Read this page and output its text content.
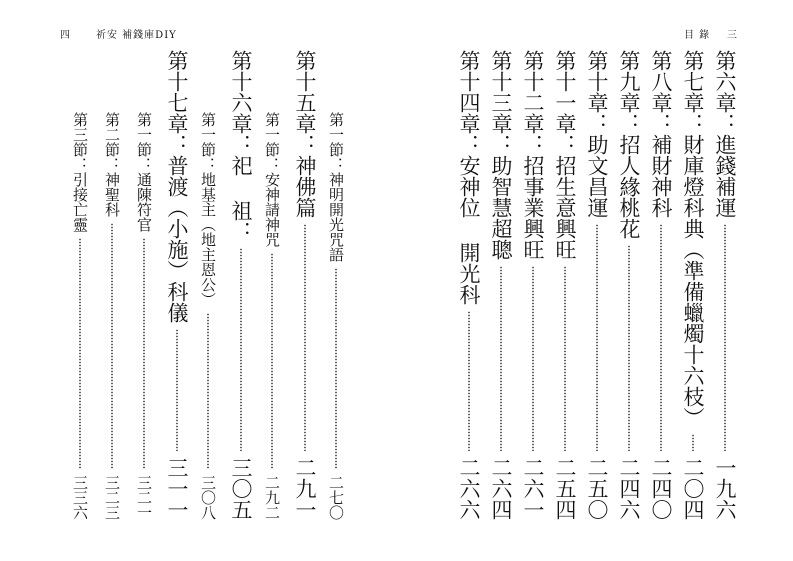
四	祈安 補錢庫DIY	目 錄 三
第六章：進錢補運
一九六
第七章：財庫燈科典（準備蠟燭十六枝）
二〇四
第八章：補財神科
二四〇
第九章：招人緣桃花
二四六
第十章：助文昌運
二五〇
第十一章：招生意興旺
二五四
第十二章：招事業興旺
二六一
第十三章：助智慧超聰
二六四
第十四章：安神位 開光科
二六六
第一節：神明開光咒語
二七〇
第十五章：神佛篇
二九一
第一節：安神請神咒
二九二
第十六章：祀 祖：
三〇五
第一節：地基主（地主恩公）
三〇八
第十七章：普渡（小施）科儀
三一一
第一節：通陳符官
三二一
第二節：神聖科
三二三
第三節：引接亡靈
三三六
